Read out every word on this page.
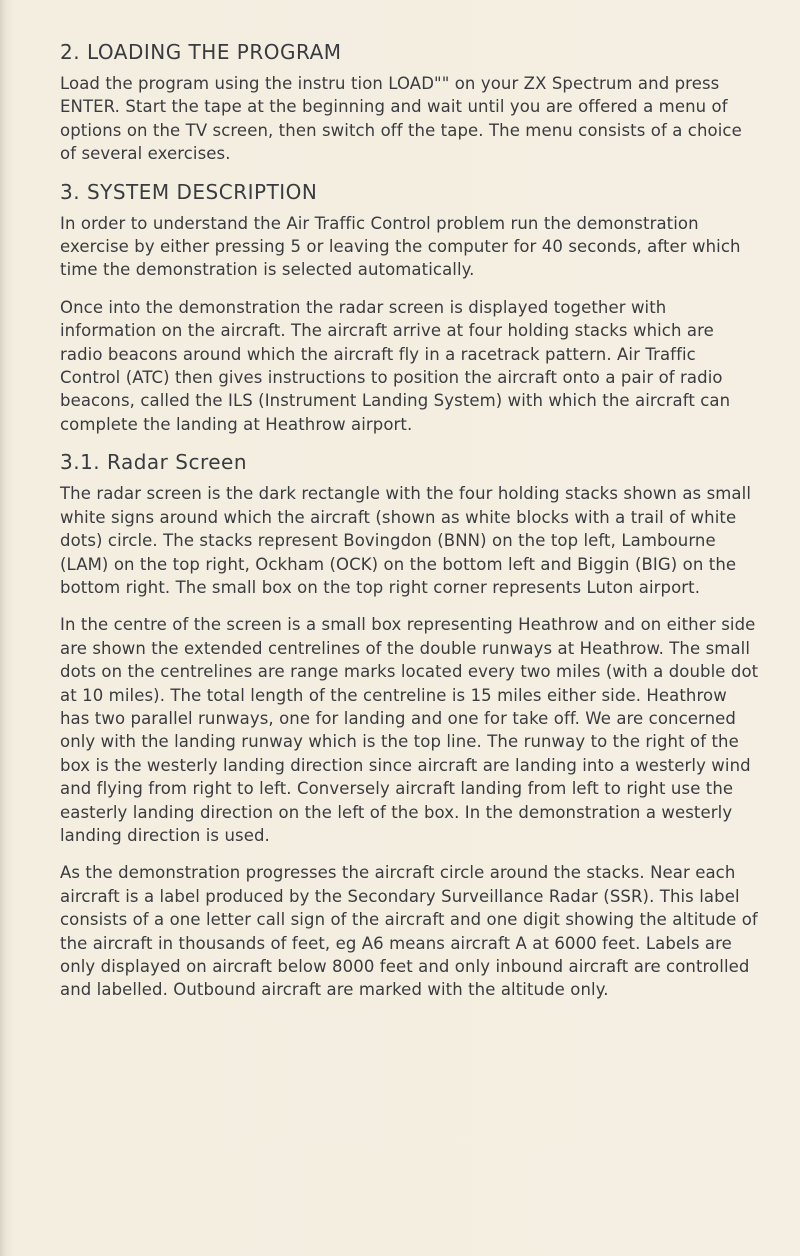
2. LOADING THE PROGRAM

Load the program using the instru tion LOAD"" on your ZX Spectrum and press ENTER. Start the tape at the beginning and wait until you are offered a menu of options on the TV screen, then switch off the tape. The menu consists of a choice of several exercises.

3. SYSTEM DESCRIPTION

In order to understand the Air Traffic Control problem run the demonstration exercise by either pressing 5 or leaving the computer for 40 seconds, after which time the demonstration is selected automatically.

Once into the demonstration the radar screen is displayed together with information on the aircraft. The aircraft arrive at four holding stacks which are radio beacons around which the aircraft fly in a racetrack pattern. Air Traffic Control (ATC) then gives instructions to position the aircraft onto a pair of radio beacons, called the ILS (Instrument Landing System) with which the aircraft can complete the landing at Heathrow airport.

3.1. Radar Screen

The radar screen is the dark rectangle with the four holding stacks shown as small white signs around which the aircraft (shown as white blocks with a trail of white dots) circle. The stacks represent Bovingdon (BNN) on the top left, Lambourne (LAM) on the top right, Ockham (OCK) on the bottom left and Biggin (BIG) on the bottom right. The small box on the top right corner represents Luton airport.

In the centre of the screen is a small box representing Heathrow and on either side are shown the extended centrelines of the double runways at Heathrow. The small dots on the centrelines are range marks located every two miles (with a double dot at 10 miles). The total length of the centreline is 15 miles either side. Heathrow has two parallel runways, one for landing and one for take off. We are concerned only with the landing runway which is the top line. The runway to the right of the box is the westerly landing direction since aircraft are landing into a westerly wind and flying from right to left. Conversely aircraft landing from left to right use the easterly landing direction on the left of the box. In the demonstration a westerly landing direction is used.

As the demonstration progresses the aircraft circle around the stacks. Near each aircraft is a label produced by the Secondary Surveillance Radar (SSR). This label consists of a one letter call sign of the aircraft and one digit showing the altitude of the aircraft in thousands of feet, eg A6 means aircraft A at 6000 feet. Labels are only displayed on aircraft below 8000 feet and only inbound aircraft are controlled and labelled. Outbound aircraft are marked with the altitude only.
